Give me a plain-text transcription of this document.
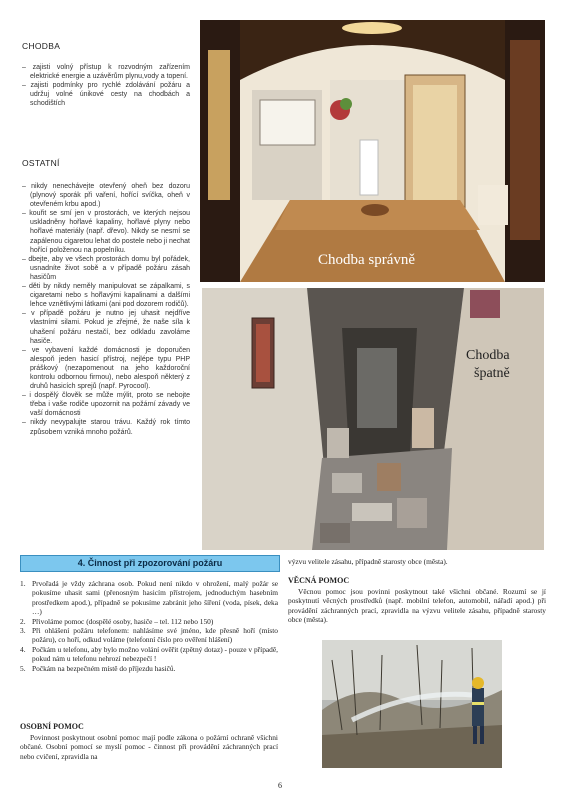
CHODBA
– zajisti volný přístup k rozvodným zařízením elektrické energie a uzávěrům plynu,vody a topení.
– zajisti podmínky pro rychlé zdolávání požáru a udržuj volné únikové cesty na chodbách a schodištích
OSTATNÍ
– nikdy nenechávejte otevřený oheň bez dozoru (plynový sporák při vaření, hořící svíčka, oheň v otevřeném krbu apod.)
– kouřit se smí jen v prostorách, ve kterých nejsou uskladněny hořlavé kapaliny, hořlavé plyny nebo hořlavé materiály (např. dřevo). Nikdy se nesmí se zapálenou cigaretou lehat do postele nebo ji nechat hořící položenou na popelníku.
– dbejte, aby ve všech prostorách domu byl pořádek, usnadníte život sobě a v případě požáru zásah hasičům
– děti by nikdy neměly manipulovat se zápalkami, s cigaretami nebo s hořlavými kapalinami a dalšími lehce vznětlivými látkami (ani pod dozorem rodičů).
– v případě požáru je nutno jej uhasit nejdříve vlastními silami. Pokud je zřejmé, že naše síla k uhašení požáru nestačí, bez odkladu zavoláme hasiče.
– ve vybavení každé domácnosti je doporučen alespoň jeden hasicí přístroj, nejlépe typu PHP práškový (nezapomenout na jeho každoroční kontrolu odbornou firmou), nebo alespoň některý z druhů hasicích sprejů (např. Pyrocool).
– i dospělý člověk se může mýlit, proto se nebojte třeba i vaše rodiče upozornit na požární závady ve vaší domácnosti
– nikdy nevypalujte starou trávu. Každý rok tímto způsobem vzniká mnoho požárů.
Chodba správně
Chodba
špatně
4. Činnost při zpozorování požáru
1. Prvořadá je vždy záchrana osob. Pokud není nikdo v ohrožení, malý požár se pokusíme uhasit sami (přenosným hasicím přístrojem, jednoduchým hasebním prostředkem apod.), případně se pokusíme zabránit jeho šíření (voda, písek, deka …)
2. Přivoláme pomoc (dospělé osoby, hasiče – tel. 112 nebo 150)
3. Při ohlášení požáru telefonem: nahlásíme své jméno, kde přesně hoří (místo požáru), co hoří, odkud voláme (telefonní číslo pro ověření hlášení)
4. Počkám u telefonu, aby bylo možno volání ověřit (zpětný dotaz) - pouze v případě, pokud nám u telefonu nehrozí nebezpečí !
5. Počkám na bezpečném místě do příjezdu hasičů.

OSOBNÍ POMOC

Povinnost poskytnout osobní pomoc mají podle zákona o požární ochraně všichni občané. Osobní pomocí se myslí pomoc - činnost při provádění záchranných prací nebo cvičení, zpravidla na

výzvu velitele zásahu, případně starosty obce (města).

VĚCNÁ POMOC

Věcnou pomoc jsou povinni poskytnout také všichni občané. Rozumí se jí poskytnutí věcných prostředků (např. mobilní telefon, automobil, nářadí apod.) při provádění záchranných prací, zpravidla na výzvu velitele zásahu, případně starosty obce (města).

6
